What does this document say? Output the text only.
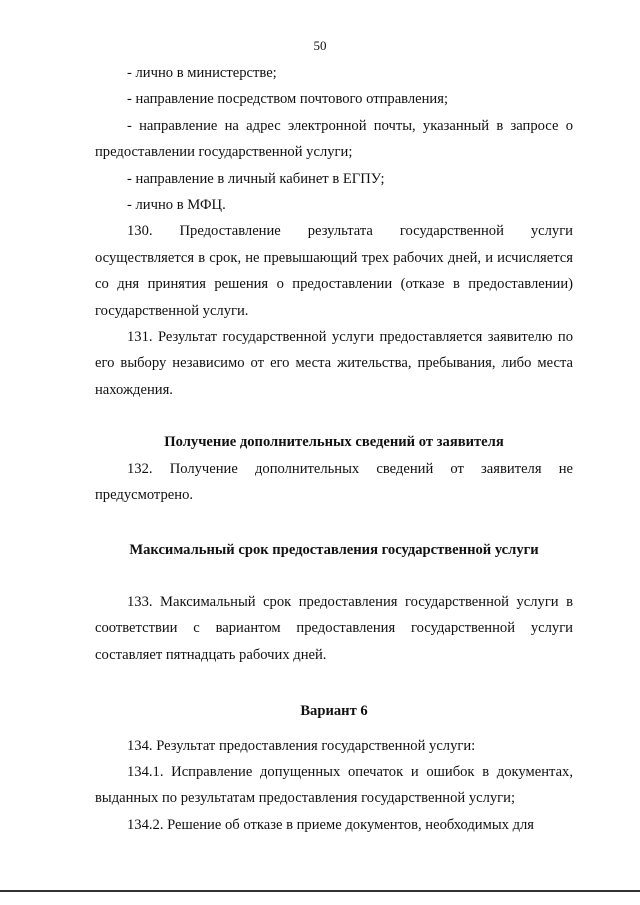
50

- лично в министерстве;

- направление посредством почтового отправления;

- направление на адрес электронной почты, указанный в запросе о предоставлении государственной услуги;

- направление в личный кабинет в ЕГПУ;

- лично в МФЦ.

130. Предоставление результата государственной услуги осуществляется в срок, не превышающий трех рабочих дней, и исчисляется со дня принятия решения о предоставлении (отказе в предоставлении) государственной услуги.

131. Результат государственной услуги предоставляется заявителю по его выбору независимо от его места жительства, пребывания, либо места нахождения.

Получение дополнительных сведений от заявителя

132. Получение дополнительных сведений от заявителя не предусмотрено.

Максимальный срок предоставления государственной услуги

133. Максимальный срок предоставления государственной услуги в соответствии с вариантом предоставления государственной услуги составляет пятнадцать рабочих дней.

Вариант 6

134. Результат предоставления государственной услуги:

134.1. Исправление допущенных опечаток и ошибок в документах, выданных по результатам предоставления государственной услуги;

134.2. Решение об отказе в приеме документов, необходимых для
